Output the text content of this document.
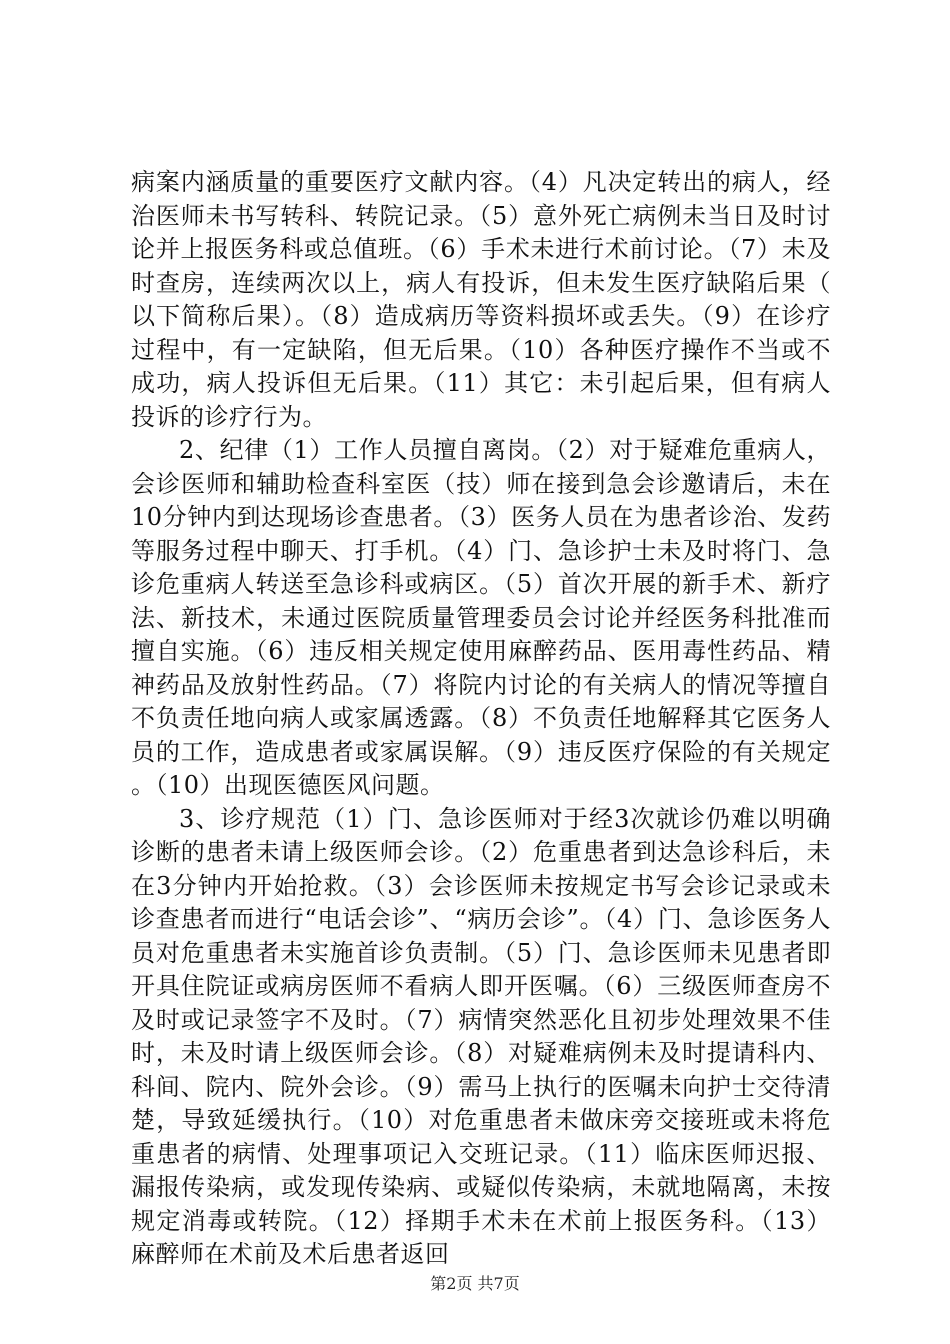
病案内涵质量的重要医疗文献内容。（4）凡决定转出的病人，经治医师未书写转科、转院记录。（5）意外死亡病例未当日及时讨论并上报医务科或总值班。（6）手术未进行术前讨论。（7）未及时查房，连续两次以上，病人有投诉，但未发生医疗缺陷后果（以下简称后果）。（8）造成病历等资料损坏或丢失。（9）在诊疗过程中，有一定缺陷，但无后果。（10）各种医疗操作不当或不成功，病人投诉但无后果。（11）其它：未引起后果，但有病人投诉的诊疗行为。

2、纪律（1）工作人员擅自离岗。（2）对于疑难危重病人，会诊医师和辅助检查科室医（技）师在接到急会诊邀请后，未在10分钟内到达现场诊查患者。（3）医务人员在为患者诊治、发药等服务过程中聊天、打手机。（4）门、急诊护士未及时将门、急诊危重病人转送至急诊科或病区。（5）首次开展的新手术、新疗法、新技术，未通过医院质量管理委员会讨论并经医务科批准而擅自实施。（6）违反相关规定使用麻醉药品、医用毒性药品、精神药品及放射性药品。（7）将院内讨论的有关病人的情况等擅自不负责任地向病人或家属透露。（8）不负责任地解释其它医务人员的工作，造成患者或家属误解。（9）违反医疗保险的有关规定。（10）出现医德医风问题。

3、诊疗规范（1）门、急诊医师对于经3次就诊仍难以明确诊断的患者未请上级医师会诊。（2）危重患者到达急诊科后，未在3分钟内开始抢救。（3）会诊医师未按规定书写会诊记录或未诊查患者而进行“电话会诊”、“病历会诊”。（4）门、急诊医务人员对危重患者未实施首诊负责制。（5）门、急诊医师未见患者即开具住院证或病房医师不看病人即开医嘱。（6）三级医师查房不及时或记录签字不及时。（7）病情突然恶化且初步处理效果不佳时，未及时请上级医师会诊。（8）对疑难病例未及时提请科内、科间、院内、院外会诊。（9）需马上执行的医嘱未向护士交待清楚，导致延缓执行。（10）对危重患者未做床旁交接班或未将危重患者的病情、处理事项记入交班记录。（11）临床医师迟报、漏报传染病，或发现传染病、或疑似传染病，未就地隔离，未按规定消毒或转院。（12）择期手术未在术前上报医务科。（13）麻醉师在术前及术后患者返回

第2页 共7页
